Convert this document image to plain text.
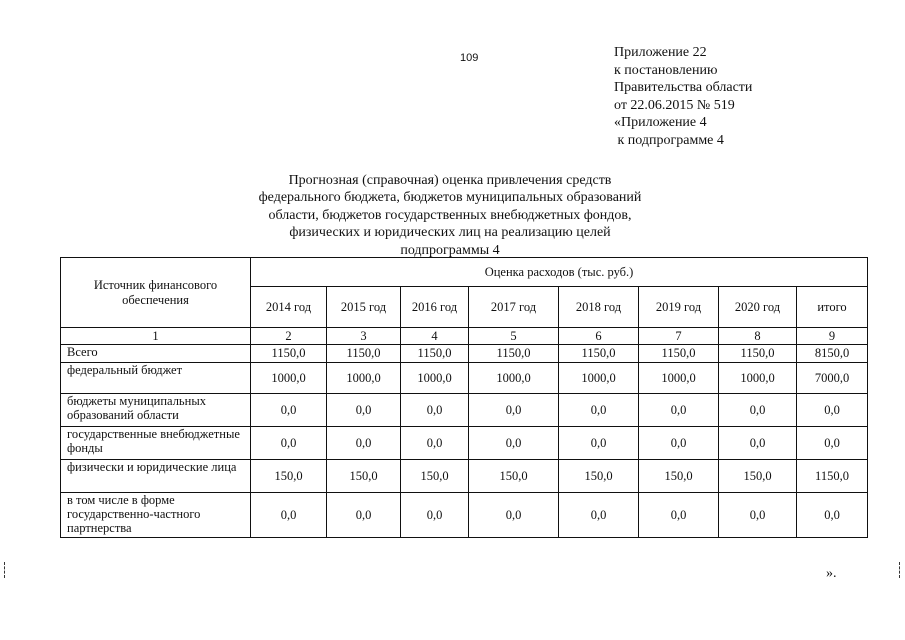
109	Приложение 22
к постановлению
Правительства области
от 22.06.2015 № 519
«Приложение 4
к подпрограмме 4
Прогнозная (справочная) оценка привлечения средств
федерального бюджета, бюджетов муниципальных образований
области, бюджетов государственных внебюджетных фондов,
физических и юридических лиц на реализацию целей
подпрограммы 4
Источник финансового обеспечения	Оценка расходов (тыс. руб.)							
	2014 год	2015 год	2016 год	2017 год	2018 год	2019 год	2020 год	итого
1	2	3	4	5	6	7	8	9
Всего	1150,0	1150,0	1150,0	1150,0	1150,0	1150,0	1150,0	8150,0
федеральный бюджет	1000,0	1000,0	1000,0	1000,0	1000,0	1000,0	1000,0	7000,0
бюджеты муниципальных образований области	0,0	0,0	0,0	0,0	0,0	0,0	0,0	0,0
государственные внебюджетные фонды	0,0	0,0	0,0	0,0	0,0	0,0	0,0	0,0
физически и юридические лица	150,0	150,0	150,0	150,0	150,0	150,0	150,0	1150,0
в том числе в форме государственно-частного партнерства	0,0	0,0	0,0	0,0	0,0	0,0	0,0	0,0
».
